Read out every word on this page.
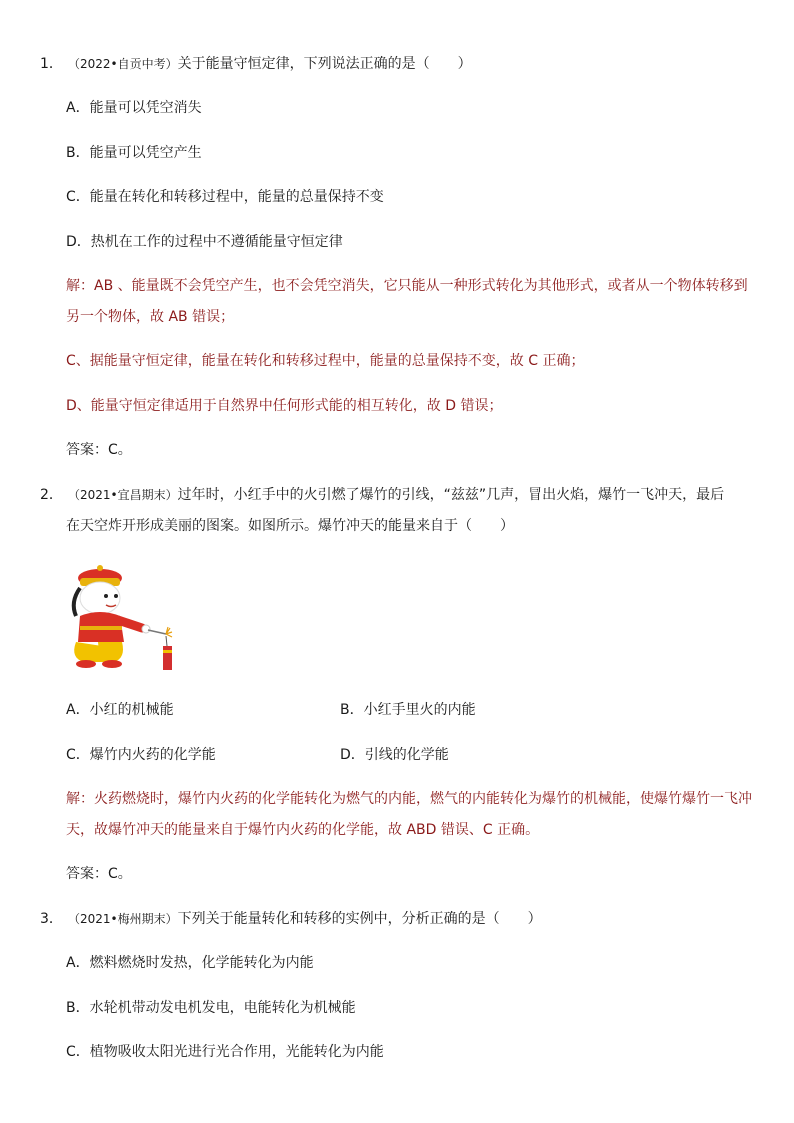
1． （2022•自贡中考）关于能量守恒定律，下列说法正确的是（　　）
A．能量可以凭空消失
B．能量可以凭空产生
C．能量在转化和转移过程中，能量的总量保持不变
D．热机在工作的过程中不遵循能量守恒定律
解：AB 、能量既不会凭空产生，也不会凭空消失，它只能从一种形式转化为其他形式，或者从一个物体转移到
另一个物体，故 AB 错误；
C、据能量守恒定律，能量在转化和转移过程中，能量的总量保持不变，故 C 正确；
D、能量守恒定律适用于自然界中任何形式能的相互转化，故 D 错误；
答案：C。
2． （2021•宜昌期末）过年时，小红手中的火引燃了爆竹的引线，“兹兹”几声，冒出火焰，爆竹一飞冲天，最后
在天空炸开形成美丽的图案。如图所示。爆竹冲天的能量来自于（　　）
A．小红的机械能	B．小红手里火的内能
C．爆竹内火药的化学能	D．引线的化学能
解：火药燃烧时，爆竹内火药的化学能转化为燃气的内能，燃气的内能转化为爆竹的机械能，使爆竹爆竹一飞冲
天，故爆竹冲天的能量来自于爆竹内火药的化学能，故 ABD 错误、C 正确。
答案：C。
3． （2021•梅州期末）下列关于能量转化和转移的实例中，分析正确的是（　　）
A．燃料燃烧时发热，化学能转化为内能
B．水轮机带动发电机发电，电能转化为机械能
C．植物吸收太阳光进行光合作用，光能转化为内能
